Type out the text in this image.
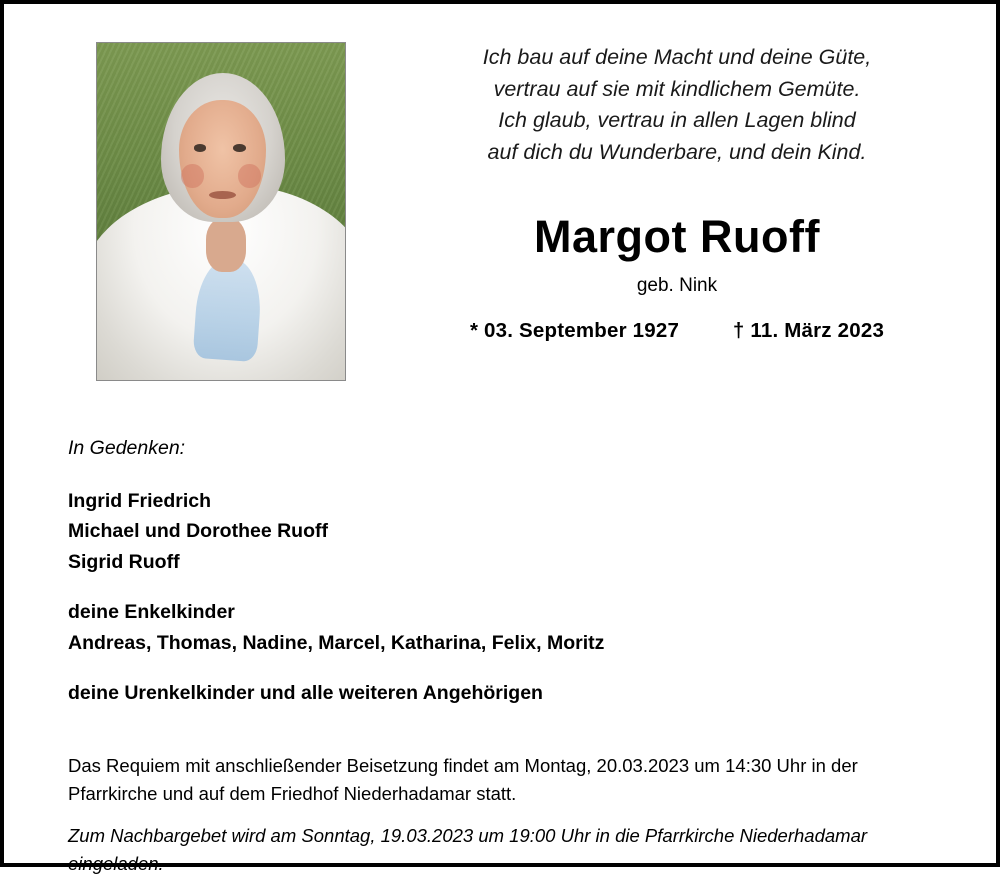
Ich bau auf deine Macht und deine Güte,
vertrau auf sie mit kindlichem Gemüte.
Ich glaub, vertrau in allen Lagen blind
auf dich du Wunderbare, und dein Kind.
Margot Ruoff
geb. Nink
* 03. September 1927	† 11. März 2023
In Gedenken:
Ingrid Friedrich
Michael und Dorothee Ruoff
Sigrid Ruoff
deine Enkelkinder
Andreas, Thomas, Nadine, Marcel, Katharina, Felix, Moritz
deine Urenkelkinder und alle weiteren Angehörigen

Das Requiem mit anschließender Beisetzung findet am Montag, 20.03.2023 um 14:30 Uhr in der Pfarrkirche und auf dem Friedhof Niederhadamar statt.

Zum Nachbargebet wird am Sonntag, 19.03.2023 um 19:00 Uhr in die Pfarrkirche Niederhadamar eingeladen.
